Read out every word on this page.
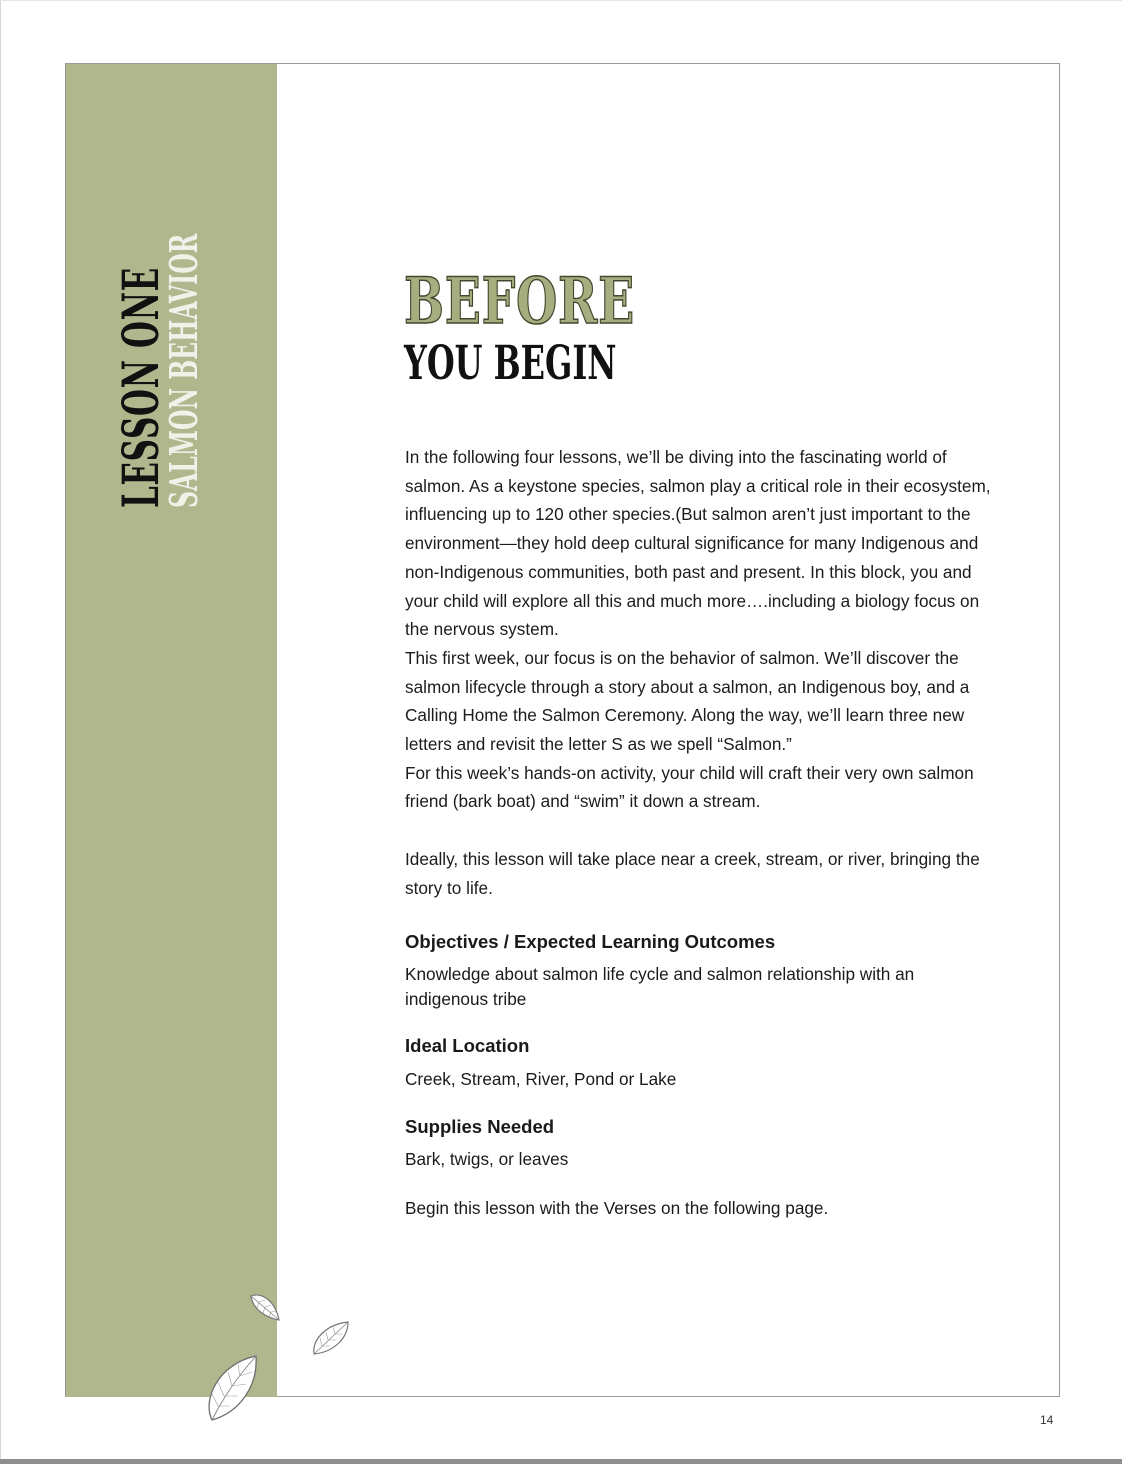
LESSON ONE
SALMON BEHAVIOR	BEFORE
YOU BEGIN

In the following four lessons, we’ll be diving into the fascinating world of salmon. As a keystone species, salmon play a critical role in their ecosystem, influencing up to 120 other species.(But salmon aren’t just important to the environment—they hold deep cultural significance for many Indigenous and non-Indigenous communities, both past and present. In this block, you and your child will explore all this and much more….including a biology focus on the nervous system.

This first week, our focus is on the behavior of salmon. We’ll discover the salmon lifecycle through a story about a salmon, an Indigenous boy, and a Calling Home the Salmon Ceremony. Along the way, we’ll learn three new letters and revisit the letter S as we spell “Salmon.”

For this week’s hands-on activity, your child will craft their very own salmon friend (bark boat) and “swim” it down a stream.

Ideally, this lesson will take place near a creek, stream, or river, bringing the story to life.

Objectives / Expected Learning Outcomes
Knowledge about salmon life cycle and salmon relationship with an indigenous tribe
Ideal Location
Creek, Stream, River, Pond or Lake
Supplies Needed
Bark, twigs, or leaves
Begin this lesson with the Verses on the following page.
14
